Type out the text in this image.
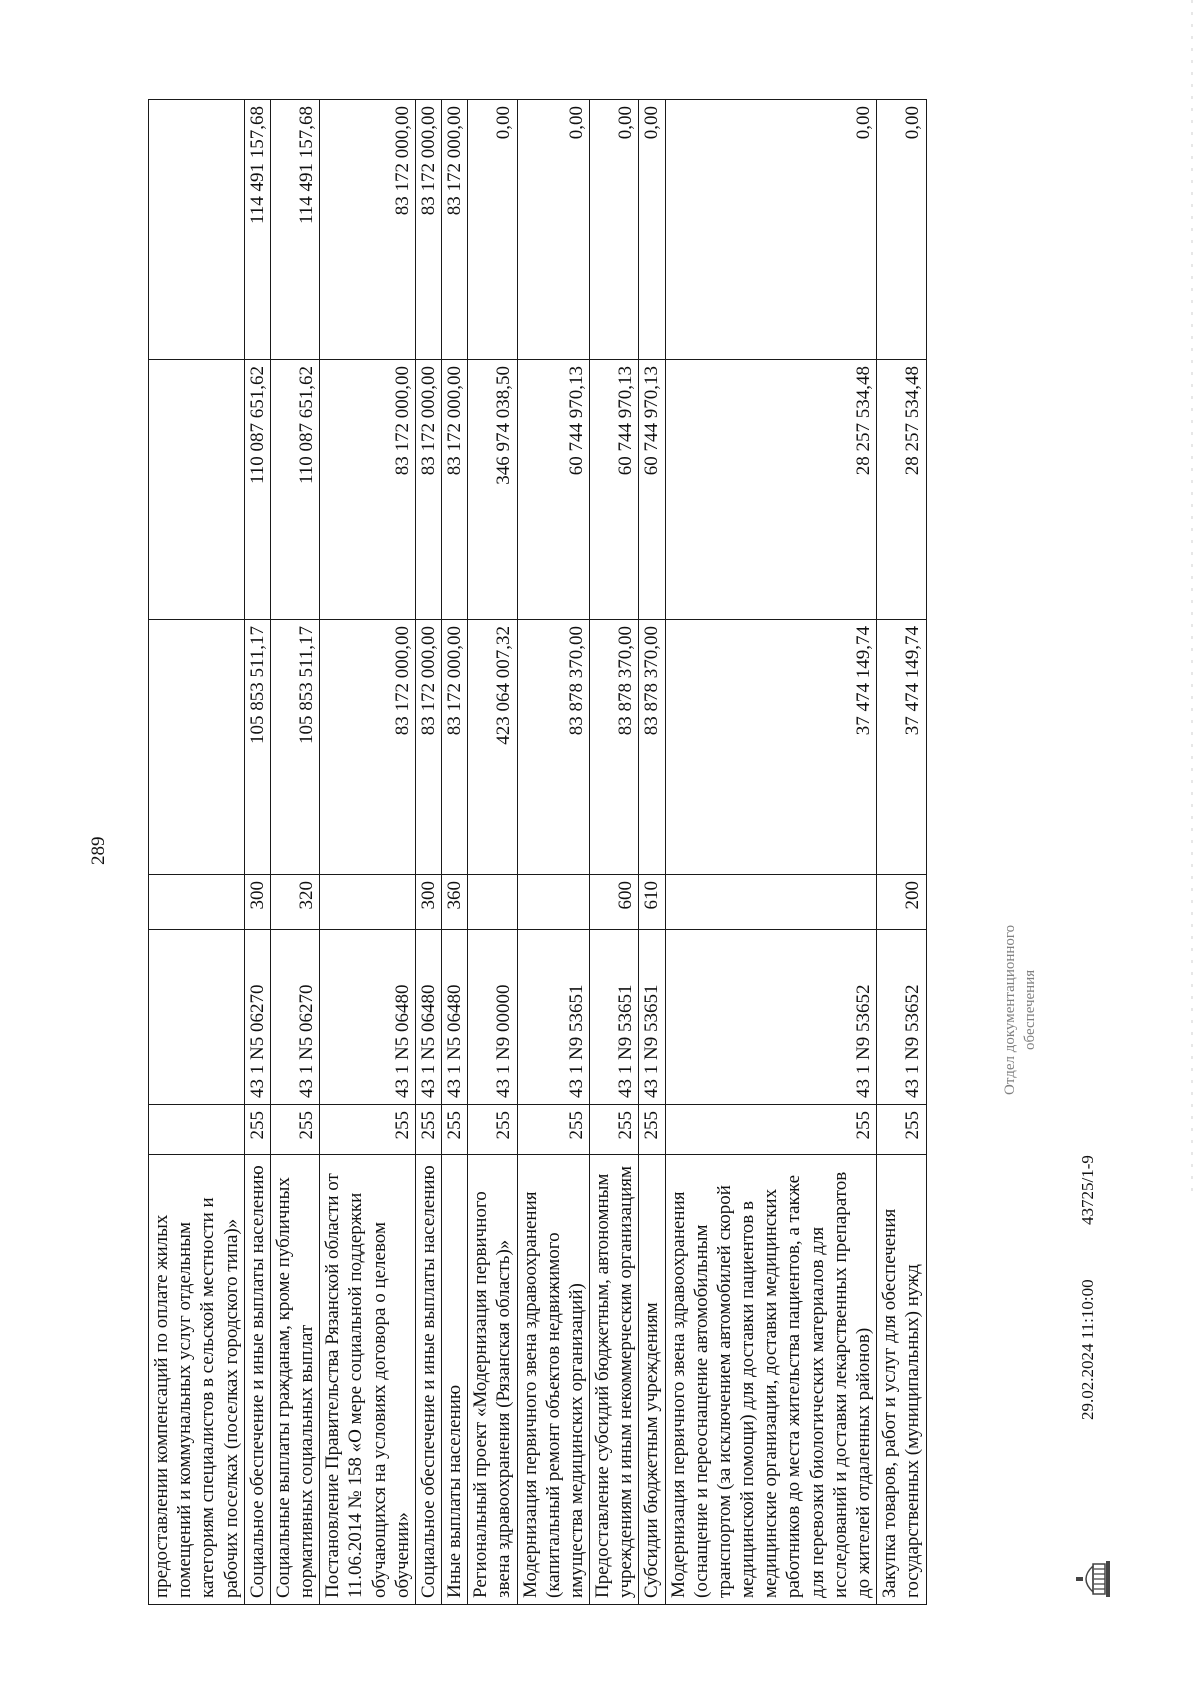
289
предоставлении компенсаций по оплате жилых помещений и коммунальных услуг отдельным категориям специалистов в сельской местности и рабочих поселках (поселках городского типа)»						
Социальное обеспечение и иные выплаты населению	255	43 1 N5 06270	300	105 853 511,17	110 087 651,62	114 491 157,68
Социальные выплаты гражданам, кроме публичных нормативных социальных выплат	255	43 1 N5 06270	320	105 853 511,17	110 087 651,62	114 491 157,68
Постановление Правительства Рязанской области от 11.06.2014 № 158 «О мере социальной поддержки обучающихся на условиях договора о целевом обучении»	255	43 1 N5 06480		83 172 000,00	83 172 000,00	83 172 000,00
Социальное обеспечение и иные выплаты населению	255	43 1 N5 06480	300	83 172 000,00	83 172 000,00	83 172 000,00
Иные выплаты населению	255	43 1 N5 06480	360	83 172 000,00	83 172 000,00	83 172 000,00
Региональный проект «Модернизация первичного звена здравоохранения (Рязанская область)»	255	43 1 N9 00000		423 064 007,32	346 974 038,50	0,00
Модернизация первичного звена здравоохранения (капитальный ремонт объектов недвижимого имущества медицинских организаций)	255	43 1 N9 53651		83 878 370,00	60 744 970,13	0,00
Предоставление субсидий бюджетным, автономным учреждениям и иным некоммерческим организациям	255	43 1 N9 53651	600	83 878 370,00	60 744 970,13	0,00
Субсидии бюджетным учреждениям	255	43 1 N9 53651	610	83 878 370,00	60 744 970,13	0,00
Модернизация первичного звена здравоохранения (оснащение и переоснащение автомобильным транспортом (за исключением автомобилей скорой медицинской помощи) для доставки пациентов в медицинские организации, доставки медицинских работников до места жительства пациентов, а также для перевозки биологических материалов для исследований и доставки лекарственных препаратов до жителей отдаленных районов)	255	43 1 N9 53652		37 474 149,74	28 257 534,48	0,00
Закупка товаров, работ и услуг для обеспечения государственных (муниципальных) нужд	255	43 1 N9 53652	200	37 474 149,74	28 257 534,48	0,00
29.02.2024 11:10:00
43725/1-9
Отдел документационного обеспечения
